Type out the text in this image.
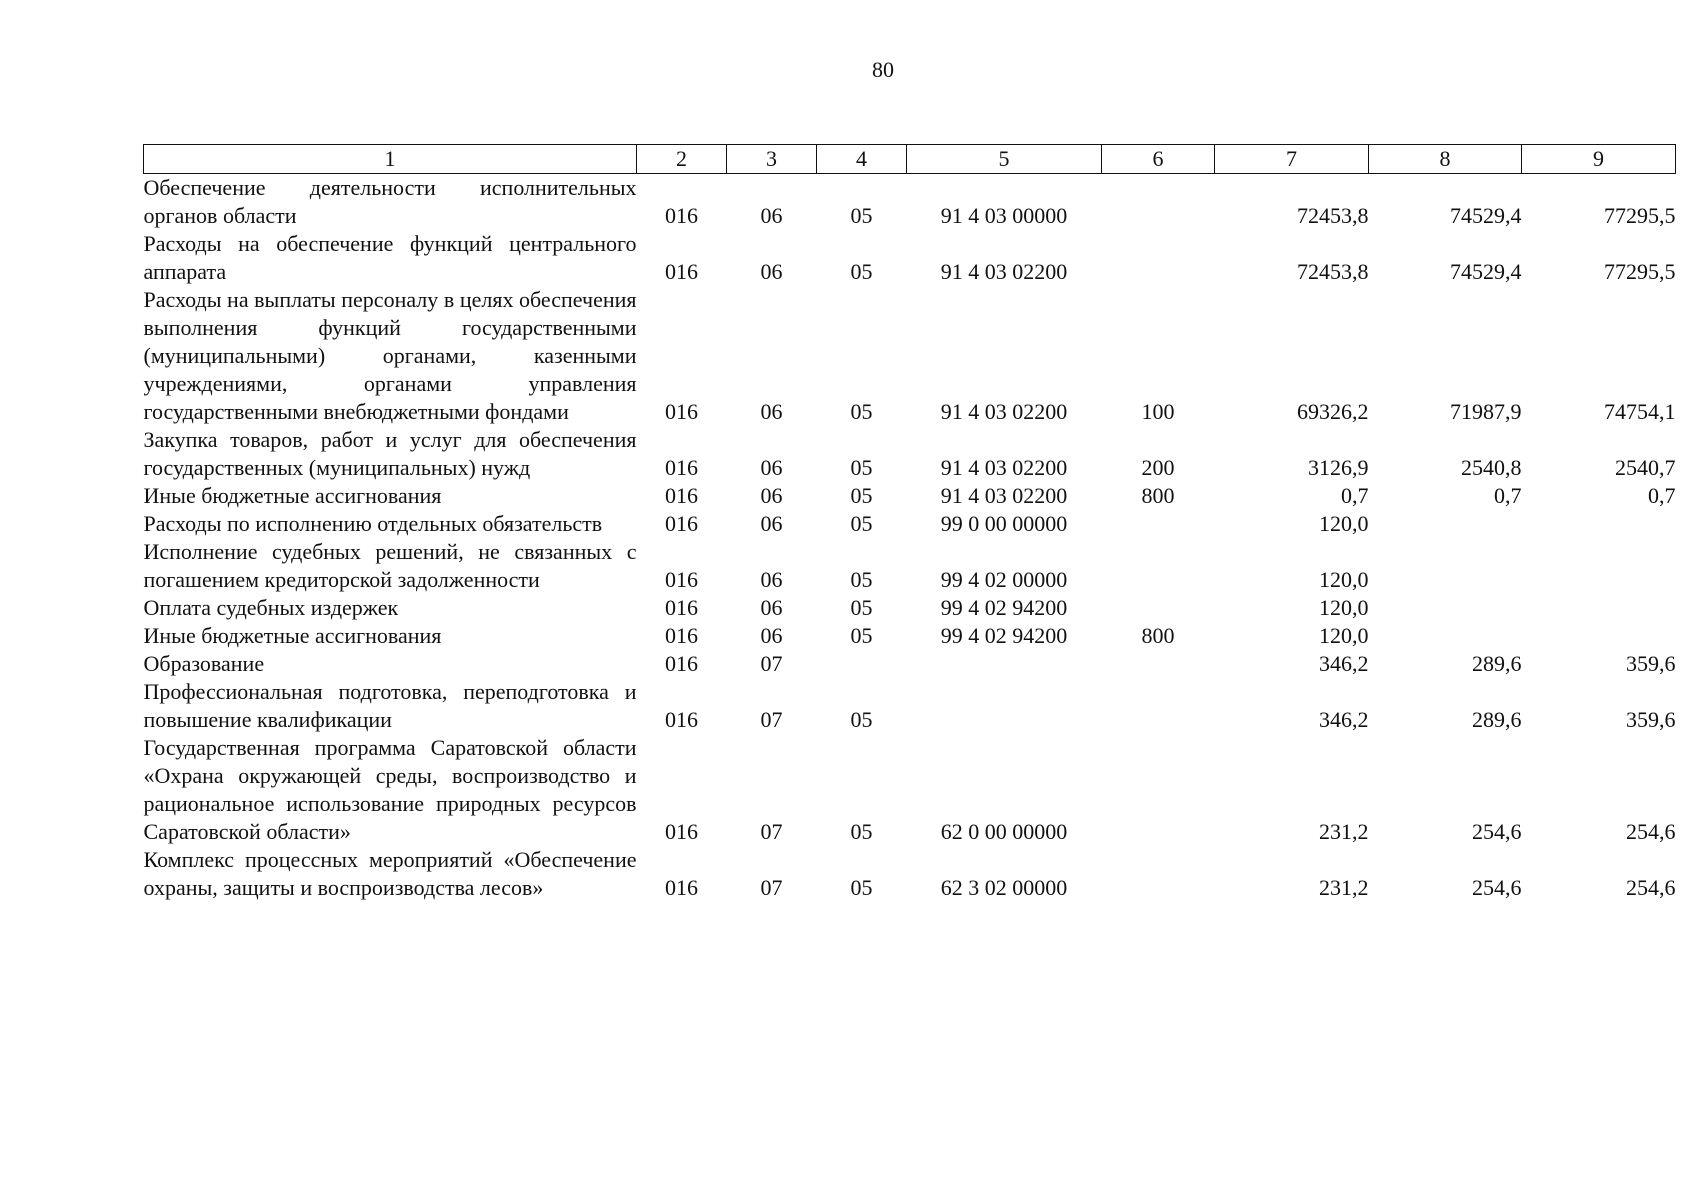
80
1	2	3	4	5	6	7	8	9
Обеспечение деятельности исполнительных органов области	016	06	05	91 4 03 00000		72453,8	74529,4	77295,5
Расходы на обеспечение функций центрального аппарата	016	06	05	91 4 03 02200		72453,8	74529,4	77295,5
Расходы на выплаты персоналу в целях обеспечения выполнения функций государственными (муниципальными) органами, казенными учреждениями, органами управления государственными внебюджетными фондами	016	06	05	91 4 03 02200	100	69326,2	71987,9	74754,1
Закупка товаров, работ и услуг для обеспечения государственных (муниципальных) нужд	016	06	05	91 4 03 02200	200	3126,9	2540,8	2540,7
Иные бюджетные ассигнования	016	06	05	91 4 03 02200	800	0,7	0,7	0,7
Расходы по исполнению отдельных обязательств	016	06	05	99 0 00 00000		120,0		
Исполнение судебных решений, не связанных с погашением кредиторской задолженности	016	06	05	99 4 02 00000		120,0		
Оплата судебных издержек	016	06	05	99 4 02 94200		120,0		
Иные бюджетные ассигнования	016	06	05	99 4 02 94200	800	120,0		
Образование	016	07				346,2	289,6	359,6
Профессиональная подготовка, переподготовка и повышение квалификации	016	07	05			346,2	289,6	359,6
Государственная программа Саратовской области «Охрана окружающей среды, воспроизводство и рациональное использование природных ресурсов Саратовской области»	016	07	05	62 0 00 00000		231,2	254,6	254,6
Комплекс процессных мероприятий «Обеспечение охраны, защиты и воспроизводства лесов»	016	07	05	62 3 02 00000		231,2	254,6	254,6
